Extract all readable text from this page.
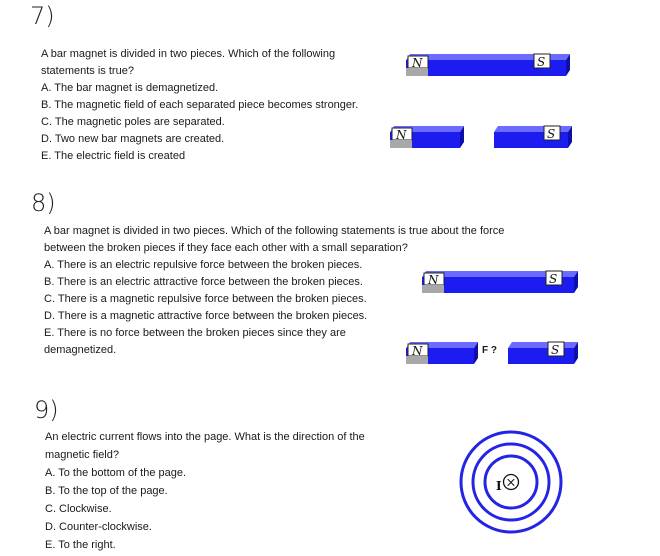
7)
A bar magnet is divided in two pieces. Which of the following
statements is true?
A. The bar magnet is demagnetized.
B. The magnetic field of each separated piece becomes stronger.
C. The magnetic poles are separated.
D. Two new bar magnets are created.
E. The electric field is created
N	S
N	S
8)
A bar magnet is divided in two pieces. Which of the following statements is true about the force
between the broken pieces if they face each other with a small separation?
A. There is an electric repulsive force between the broken pieces.
B. There is an electric attractive force between the broken pieces.
C. There is a magnetic repulsive force between the broken pieces.
D. There is a magnetic attractive force between the broken pieces.
E. There is no force between the broken pieces since they are
demagnetized.
N	S
N	F ?	S
9)
An electric current flows into the page. What is the direction of the
magnetic field?
A. To the bottom of the page.
B. To the top of the page.
C. Clockwise.
D. Counter-clockwise.
E. To the right.
×
I
